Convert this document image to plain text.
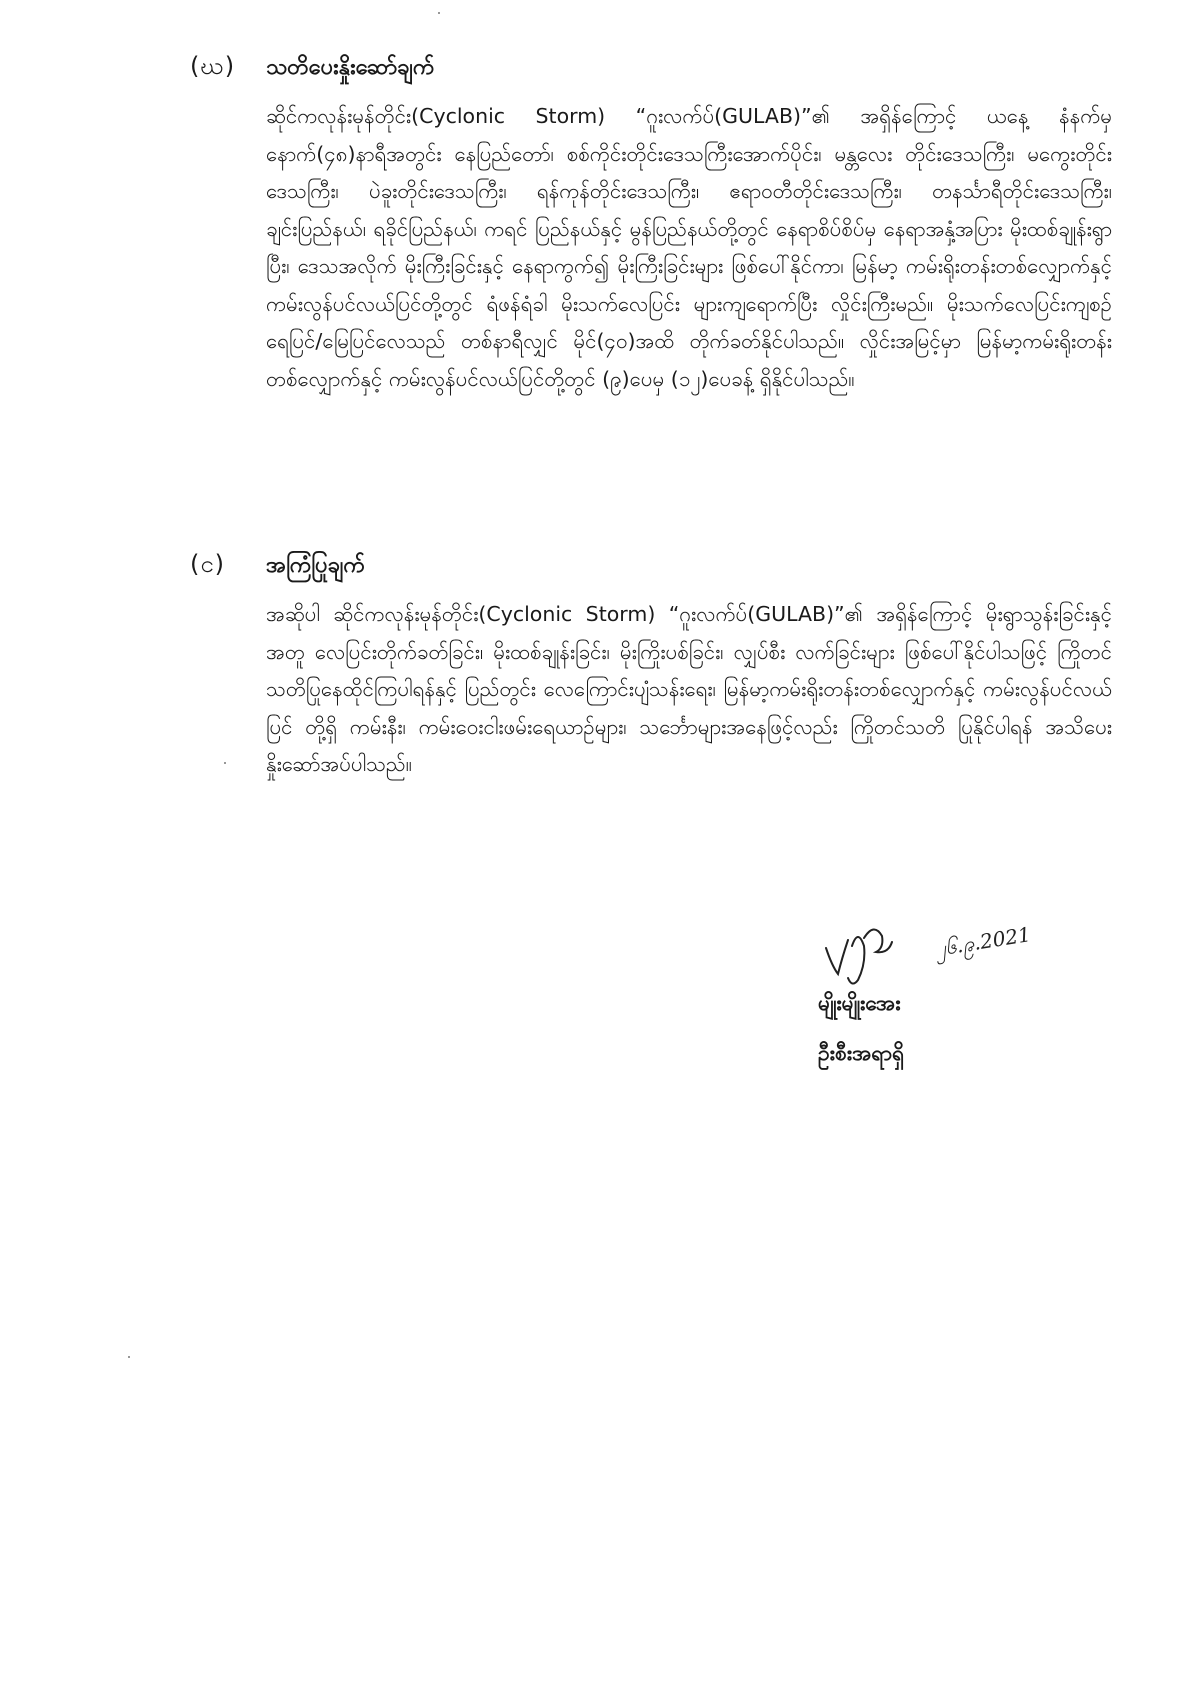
(ဃ)	သတိပေးနှိုးဆော်ချက်
ဆိုင်ကလုန်းမုန်တိုင်း(Cyclonic Storm) “ဂူးလက်ပ်(GULAB)”၏ အရှိန်ကြောင့် ယနေ့ နံနက်မှ နောက်(၄၈)နာရီအတွင်း နေပြည်တော်၊ စစ်ကိုင်းတိုင်းဒေသကြီးအောက်ပိုင်း၊ မန္တလေး တိုင်းဒေသကြီး၊ မကွေးတိုင်းဒေသကြီး၊ ပဲခူးတိုင်းဒေသကြီး၊ ရန်ကုန်တိုင်းဒေသကြီး၊ ဧရာဝတီတိုင်းဒေသကြီး၊ တနင်္သာရီတိုင်းဒေသကြီး၊ ချင်းပြည်နယ်၊ ရခိုင်ပြည်နယ်၊ ကရင် ပြည်နယ်နှင့် မွန်ပြည်နယ်တို့တွင် နေရာစိပ်စိပ်မှ နေရာအနှံ့အပြား မိုးထစ်ချုန်းရွာပြီး၊ ဒေသအလိုက် မိုးကြီးခြင်းနှင့် နေရာကွက်၍ မိုးကြီးခြင်းများ ဖြစ်ပေါ်နိုင်ကာ၊ မြန်မာ့ ကမ်းရိုးတန်းတစ်လျှောက်နှင့် ကမ်းလွန်ပင်လယ်ပြင်တို့တွင် ရံဖန်ရံခါ မိုးသက်လေပြင်း များကျရောက်ပြီး လှိုင်းကြီးမည်။ မိုးသက်လေပြင်းကျစဉ် ရေပြင်/မြေပြင်လေသည် တစ်နာရီလျှင် မိုင်(၄၀)အထိ တိုက်ခတ်နိုင်ပါသည်။ လှိုင်းအမြင့်မှာ မြန်မာ့ကမ်းရိုးတန်း တစ်လျှောက်နှင့် ကမ်းလွန်ပင်လယ်ပြင်တို့တွင် (၉)ပေမှ (၁၂)ပေခန့် ရှိနိုင်ပါသည်။
(င)	အကြံပြုချက်
အဆိုပါ ဆိုင်ကလုန်းမုန်တိုင်း(Cyclonic Storm) “ဂူးလက်ပ်(GULAB)”၏ အရှိန်ကြောင့် မိုးရွာသွန်းခြင်းနှင့်အတူ လေပြင်းတိုက်ခတ်ခြင်း၊ မိုးထစ်ချုန်းခြင်း၊ မိုးကြိုးပစ်ခြင်း၊ လျှပ်စီး လက်ခြင်းများ ဖြစ်ပေါ်နိုင်ပါသဖြင့် ကြိုတင်သတိပြုနေထိုင်ကြပါရန်နှင့် ပြည်တွင်း လေကြောင်းပျံသန်းရေး၊ မြန်မာ့ကမ်းရိုးတန်းတစ်လျှောက်နှင့် ကမ်းလွန်ပင်လယ်ပြင် တို့ရှိ ကမ်းနီး၊ ကမ်းဝေးငါးဖမ်းရေယာဉ်များ၊ သင်္ဘောများအနေဖြင့်လည်း ကြိုတင်သတိ ပြုနိုင်ပါရန် အသိပေးနှိုးဆော်အပ်ပါသည်။
၂၆.၉.2021
မျိုးမျိုးအေး
ဦးစီးအရာရှိ
